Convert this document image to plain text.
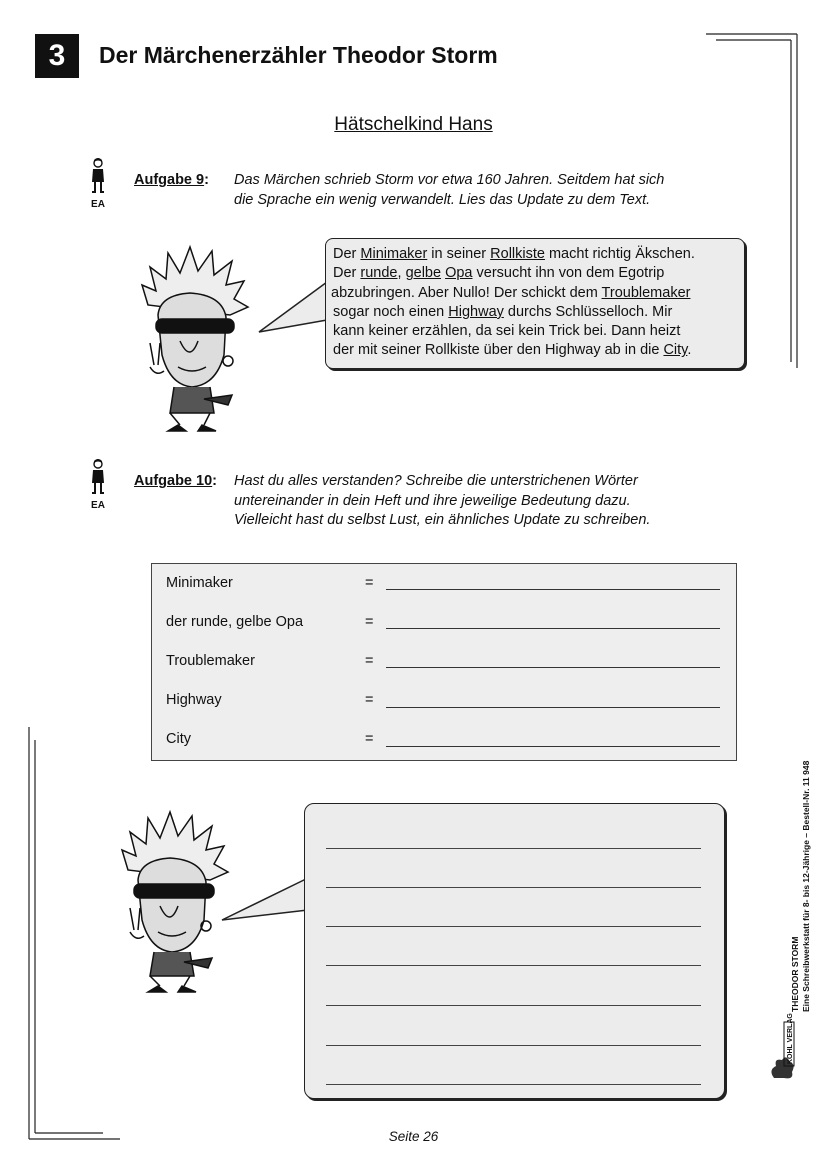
3	Der Märchenerzähler Theodor Storm
Hätschelkind Hans
EA
Aufgabe 9: Das Märchen schrieb Storm vor etwa 160 Jahren. Seitdem hat sich
die Sprache ein wenig verwandelt. Lies das Update zu dem Text.
Der Minimaker in seiner Rollkiste macht richtig Äkschen.
Der runde, gelbe Opa versucht ihn von dem Egotrip
abzubringen. Aber Nullo! Der schickt dem Troublemaker
sogar noch einen Highway durchs Schlüsselloch. Mir
kann keiner erzählen, da sei kein Trick bei. Dann heizt
der mit seiner Rollkiste über den Highway ab in die City.
EA
Aufgabe 10: Hast du alles verstanden? Schreibe die unterstrichenen Wörter
untereinander in dein Heft und ihre jeweilige Bedeutung dazu.
Vielleicht hast du selbst Lust, ein ähnliches Update zu schreiben.
Minimaker	=
der runde, gelbe Opa	=
Troublemaker	=
Highway	=
City	=
THEODOR STORM Eine Schreibwerkstatt für 8- bis 12-Jährige – Bestell-Nr. 11 948
KOHL VERLAG
Seite 26
